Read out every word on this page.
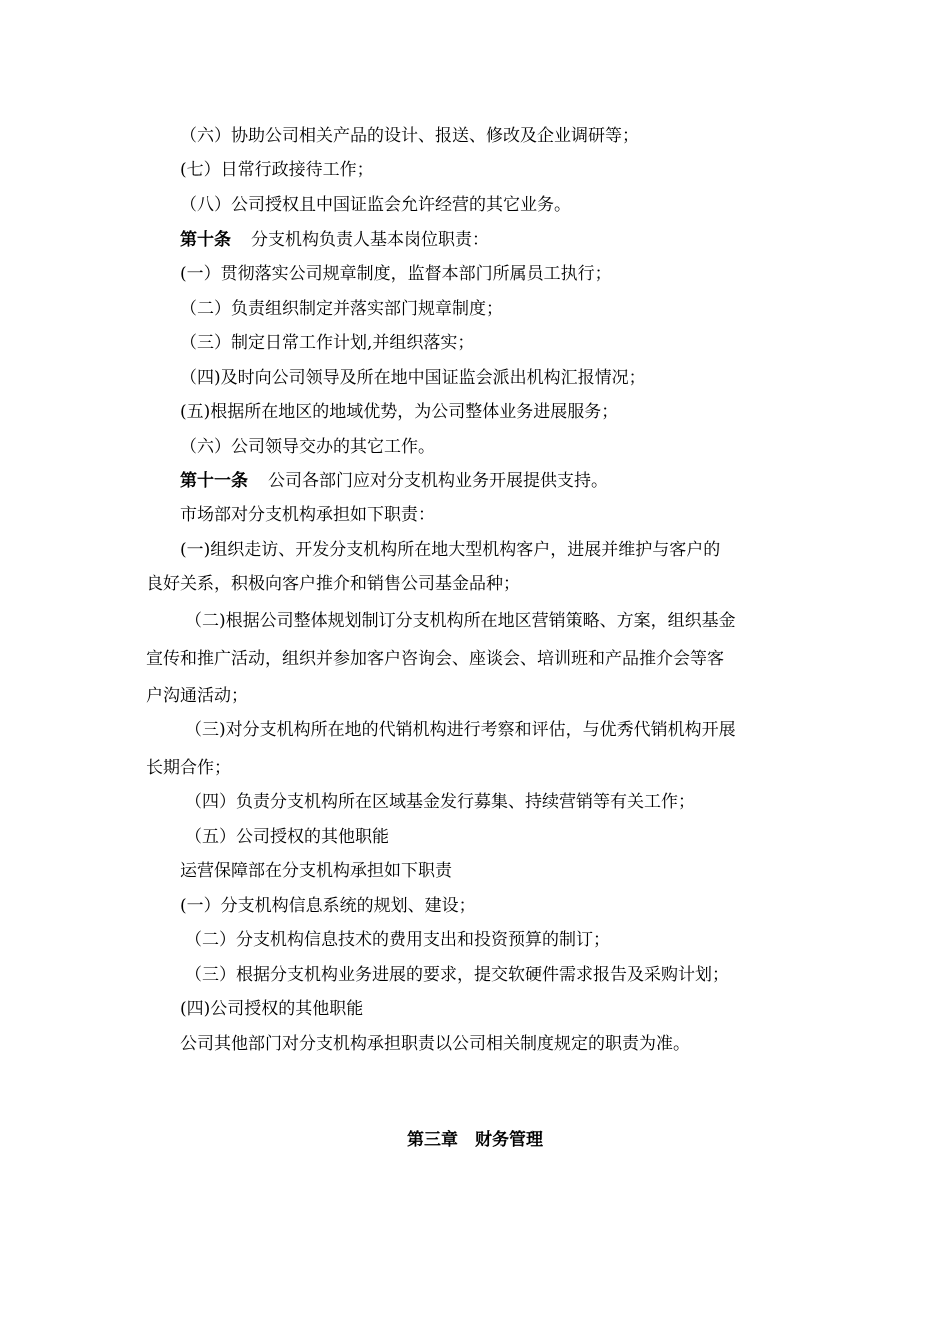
（六）协助公司相关产品的设计、报送、修改及企业调研等；
(七）日常行政接待工作；
（八）公司授权且中国证监会允许经营的其它业务。
第十条 分支机构负责人基本岗位职责：
(一）贯彻落实公司规章制度，监督本部门所属员工执行；
（二）负责组织制定并落实部门规章制度；
（三）制定日常工作计划,并组织落实；
（四)及时向公司领导及所在地中国证监会派出机构汇报情况；
(五)根据所在地区的地域优势，为公司整体业务进展服务；
（六）公司领导交办的其它工作。
第十一条 公司各部门应对分支机构业务开展提供支持。
市场部对分支机构承担如下职责：
(一)组织走访、开发分支机构所在地大型机构客户，进展并维护与客户的
良好关系，积极向客户推介和销售公司基金品种；
（二)根据公司整体规划制订分支机构所在地区营销策略、方案，组织基金
宣传和推广活动，组织并参加客户咨询会、座谈会、培训班和产品推介会等客
户沟通活动；
（三)对分支机构所在地的代销机构进行考察和评估，与优秀代销机构开展
长期合作；
（四）负责分支机构所在区域基金发行募集、持续营销等有关工作；
（五）公司授权的其他职能
运营保障部在分支机构承担如下职责
(一）分支机构信息系统的规划、建设；
（二）分支机构信息技术的费用支出和投资预算的制订；
（三）根据分支机构业务进展的要求，提交软硬件需求报告及采购计划；
(四)公司授权的其他职能
公司其他部门对分支机构承担职责以公司相关制度规定的职责为准。
第三章　财务管理
